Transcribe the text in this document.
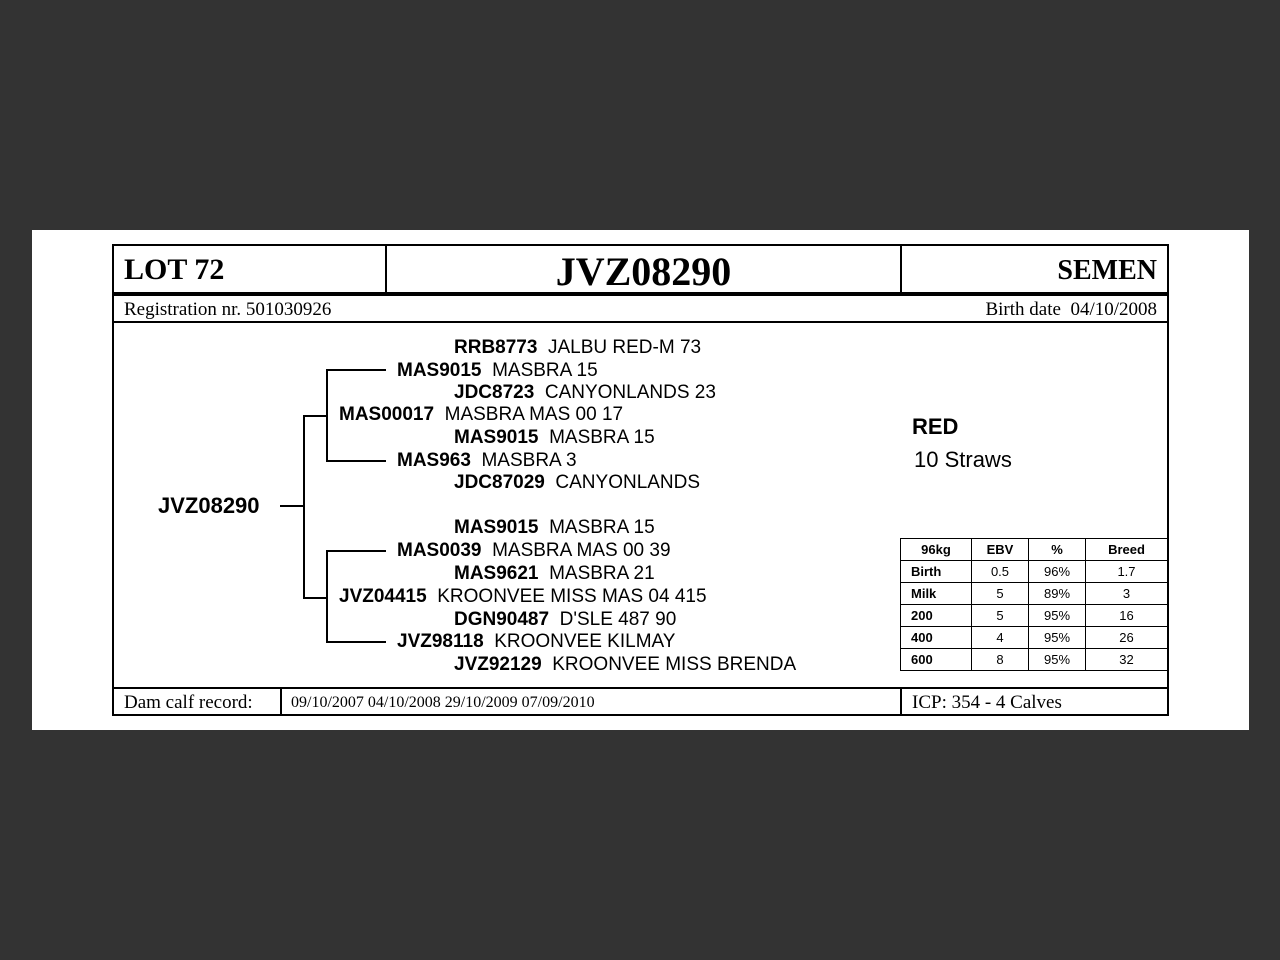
LOT 72	JVZ08290	SEMEN
Registration nr. 501030926	Birth date 04/10/2008
JVZ08290
RRB8773 JALBU RED-M 73
MAS9015 MASBRA 15
JDC8723 CANYONLANDS 23
MAS00017 MASBRA MAS 00 17
MAS9015 MASBRA 15
MAS963 MASBRA 3
JDC87029 CANYONLANDS
MAS9015 MASBRA 15
MAS0039 MASBRA MAS 00 39
MAS9621 MASBRA 21
JVZ04415 KROONVEE MISS MAS 04 415
DGN90487 D'SLE 487 90
JVZ98118 KROONVEE KILMAY
JVZ92129 KROONVEE MISS BRENDA
RED
10 Straws
96kg	EBV	%	Breed
Birth	0.5	96%	1.7
Milk	5	89%	3
200	5	95%	16
400	4	95%	26
600	8	95%	32
Dam calf record: 09/10/2007 04/10/2008 29/10/2009 07/09/2010	ICP: 354 - 4 Calves
